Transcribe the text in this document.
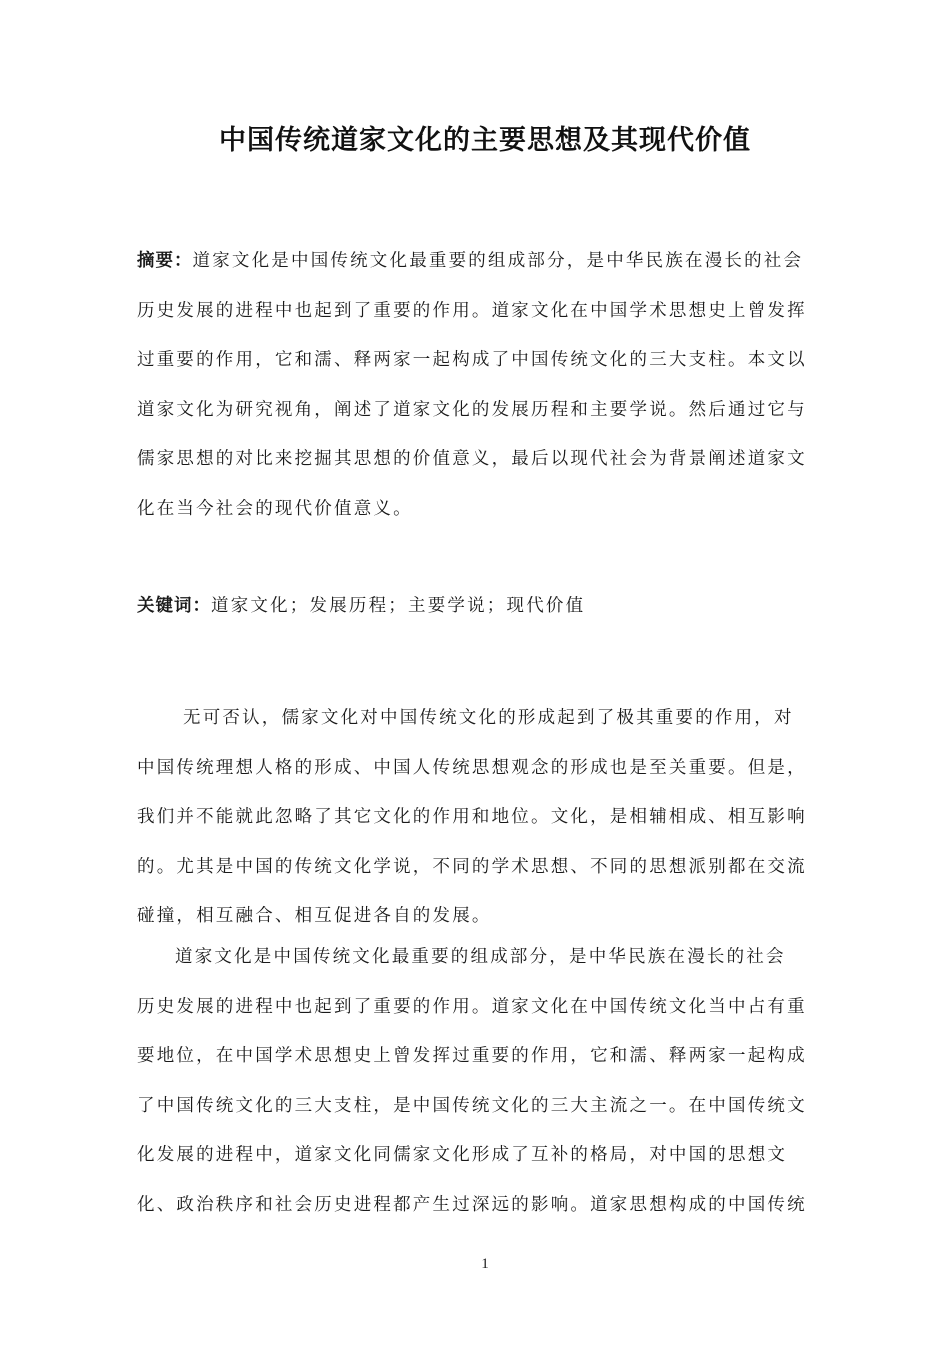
中国传统道家文化的主要思想及其现代价值
摘要：道家文化是中国传统文化最重要的组成部分，是中华民族在漫长的社会
历史发展的进程中也起到了重要的作用。道家文化在中国学术思想史上曾发挥
过重要的作用，它和濡、释两家一起构成了中国传统文化的三大支柱。本文以
道家文化为研究视角，阐述了道家文化的发展历程和主要学说。然后通过它与
儒家思想的对比来挖掘其思想的价值意义，最后以现代社会为背景阐述道家文
化在当今社会的现代价值意义。
关键词：道家文化；发展历程；主要学说；现代价值
无可否认，儒家文化对中国传统文化的形成起到了极其重要的作用，对
中国传统理想人格的形成、中国人传统思想观念的形成也是至关重要。但是，
我们并不能就此忽略了其它文化的作用和地位。文化，是相辅相成、相互影响
的。尤其是中国的传统文化学说，不同的学术思想、不同的思想派别都在交流
碰撞，相互融合、相互促进各自的发展。
道家文化是中国传统文化最重要的组成部分，是中华民族在漫长的社会
历史发展的进程中也起到了重要的作用。道家文化在中国传统文化当中占有重
要地位，在中国学术思想史上曾发挥过重要的作用，它和濡、释两家一起构成
了中国传统文化的三大支柱，是中国传统文化的三大主流之一。在中国传统文
化发展的进程中，道家文化同儒家文化形成了互补的格局，对中国的思想文
化、政治秩序和社会历史进程都产生过深远的影响。道家思想构成的中国传统
1
